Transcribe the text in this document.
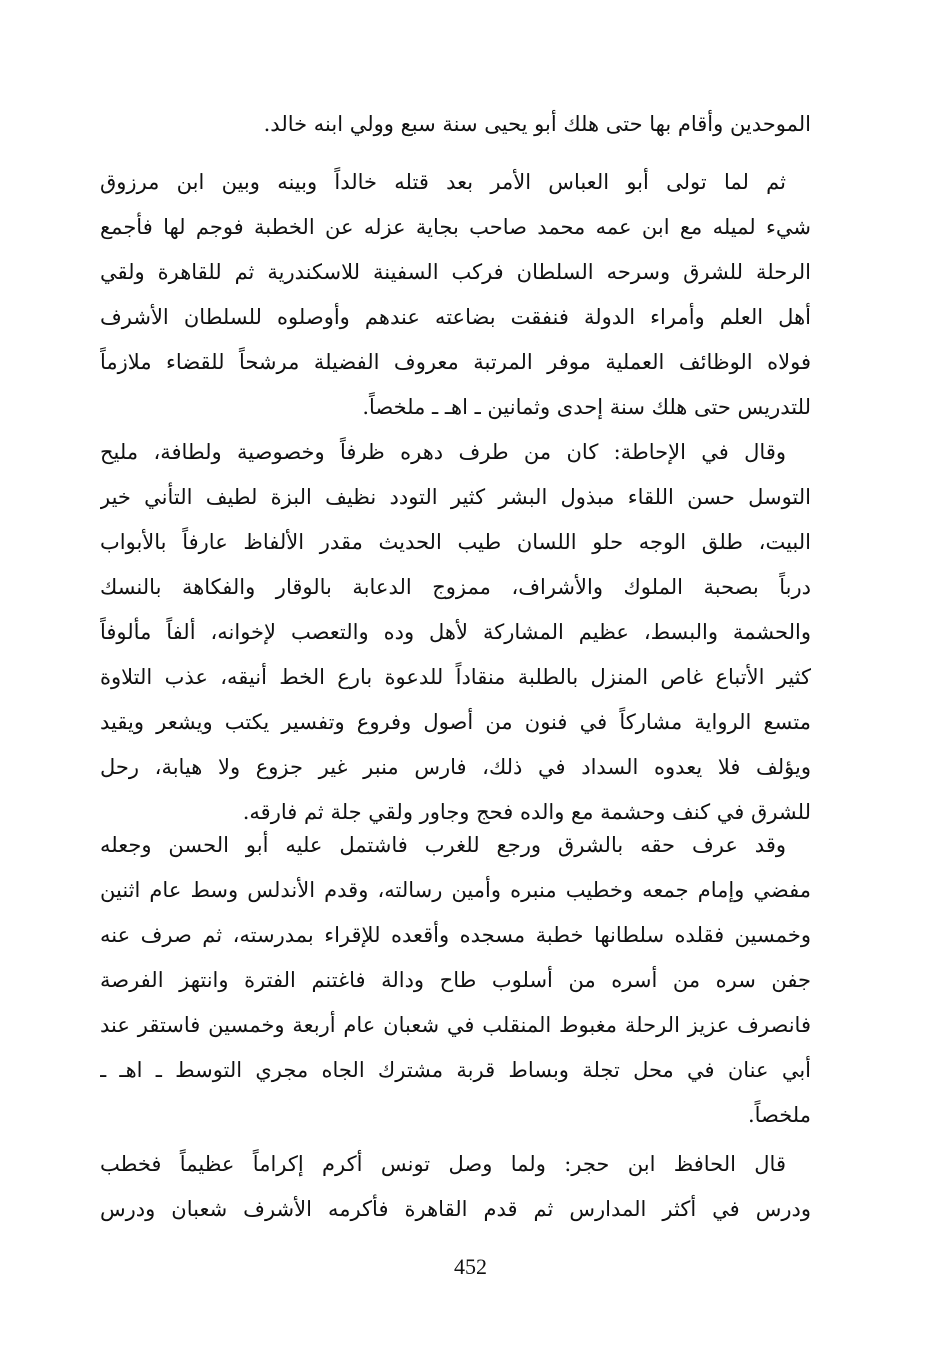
الموحدين وأقام بها حتى هلك أبو يحيى سنة سبع وولي ابنه خالد.
ثم لما تولى أبو العباس الأمر بعد قتله خالداً وبينه وبين ابن مرزوق
شيء لميله مع ابن عمه محمد صاحب بجاية عزله عن الخطبة فوجم لها فأجمع
الرحلة للشرق وسرحه السلطان فركب السفينة للاسكندرية ثم للقاهرة ولقي
أهل العلم وأمراء الدولة فنفقت بضاعته عندهم وأوصلوه للسلطان الأشرف
فولاه الوظائف العملية موفر المرتبة معروف الفضيلة مرشحاً للقضاء ملازماً
للتدريس حتى هلك سنة إحدى وثمانين ـ اهـ ـ ملخصاً.
وقال في الإحاطة: كان من طرف دهره ظرفاً وخصوصية ولطافة، مليح
التوسل حسن اللقاء مبذول البشر كثير التودد نظيف البزة لطيف التأني خير
البيت، طلق الوجه حلو اللسان طيب الحديث مقدر الألفاظ عارفاً بالأبواب
درباً بصحبة الملوك والأشراف، ممزوج الدعابة بالوقار والفكاهة بالنسك
والحشمة والبسط، عظيم المشاركة لأهل وده والتعصب لإخوانه، ألفاً مألوفاً
كثير الأتباع غاص المنزل بالطلبة منقاداً للدعوة بارع الخط أنيقه، عذب التلاوة
متسع الرواية مشاركاً في فنون من أصول وفروع وتفسير يكتب ويشعر ويقيد
ويؤلف فلا يعدوه السداد في ذلك، فارس منبر غير جزوع ولا هيابة، رحل
للشرق في كنف وحشمة مع والده فحج وجاور ولقي جلة ثم فارقه.
وقد عرف حقه بالشرق ورجع للغرب فاشتمل عليه أبو الحسن وجعله
مفضي وإمام جمعه وخطيب منبره وأمين رسالته، وقدم الأندلس وسط عام اثنين
وخمسين فقلده سلطانها خطبة مسجده وأقعده للإقراء بمدرسته، ثم صرف عنه
جفن سره من أسره من أسلوب طاح ودالة فاغتنم الفترة وانتهز الفرصة
فانصرف عزيز الرحلة مغبوط المنقلب في شعبان عام أربعة وخمسين فاستقر عند
أبي عنان في محل تجلة وبساط قربة مشترك الجاه مجري التوسط ـ اهـ ـ
ملخصاً.
قال الحافظ ابن حجر: ولما وصل تونس أكرم إكراماً عظيماً فخطب
ودرس في أكثر المدارس ثم قدم القاهرة فأكرمه الأشرف شعبان ودرس
452
